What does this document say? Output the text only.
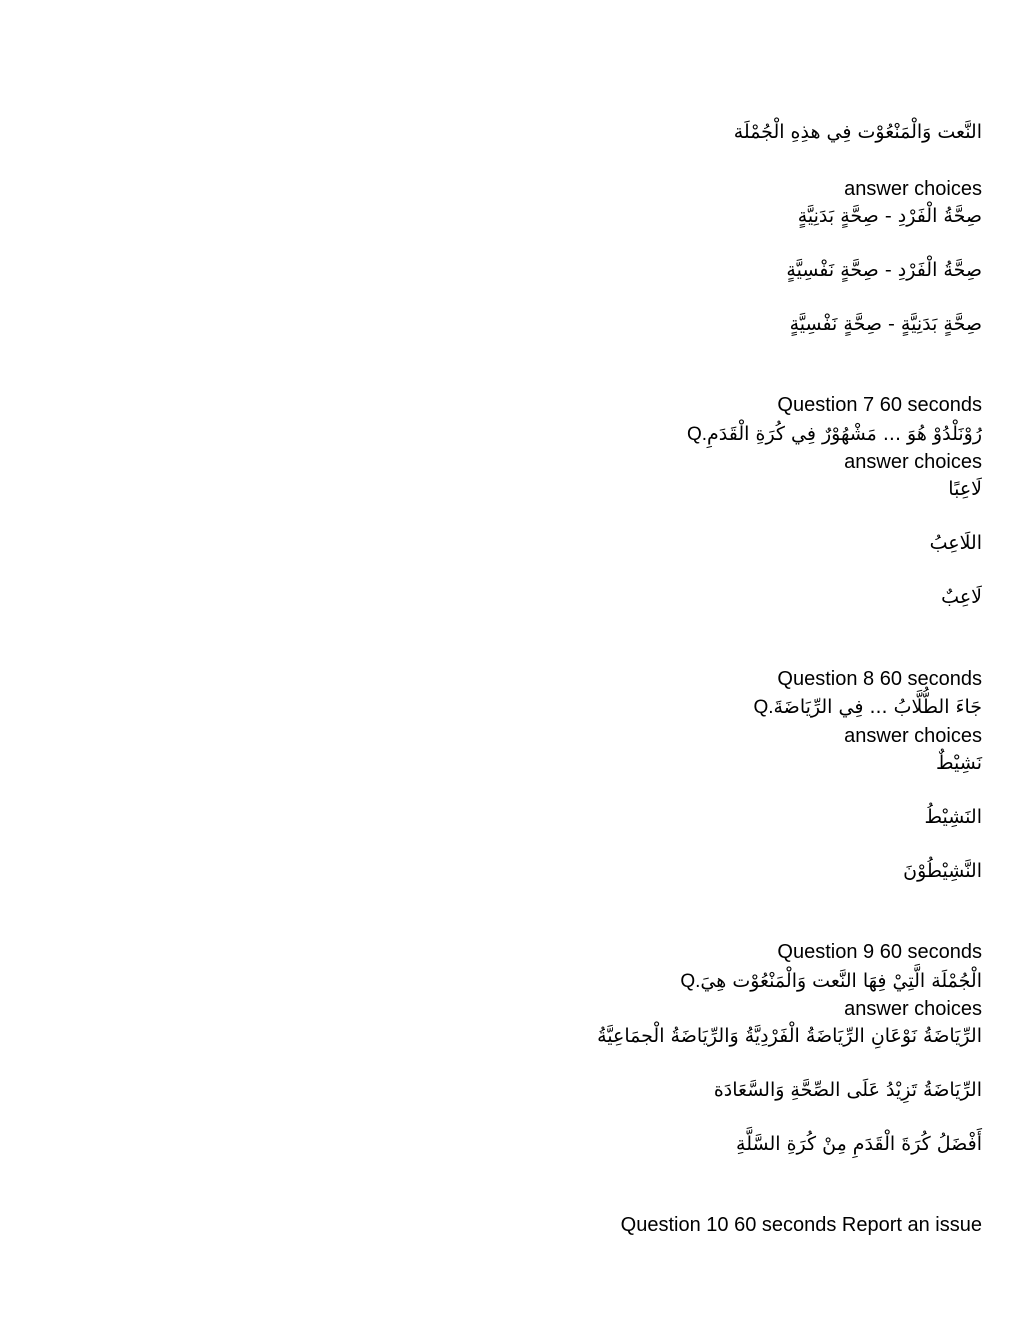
النَّعت وَالْمَنْعُوْت فِي هذِهِ الْجُمْلَة
answer choices
صِحَّةُ الْفَرْدِ - صِحَّةٍ بَدَنِيَّةٍ
صِحَّةُ الْفَرْدِ - صِحَّةٍ نَفْسِيَّةٍ
صِحَّةٍ بَدَنِيَّةٍ - صِحَّةٍ نَفْسِيَّةٍ
Question 7 60 seconds
Q.رُوْنَلْدُوْ هُوَ ... مَشْهُوْرٌ فِي كُرَةِ الْقَدَمِ
answer choices
لَاعِبًا
اللَاعِبُ
لَاعِبٌ
Question 8 60 seconds
Q.جَاءَ الطُّلَّابُ ... فِي الرِّيَاضَةَ
answer choices
نَشِيْطٌ
النَشِيْطُ
النَّشِيْطُوْنَ
Question 9 60 seconds
Q.الْجُمْلَة الَّتِيْ فِهَا النَّعت وَالْمَنْعُوْت هِيَ
answer choices
الرِّيَاضَةُ نَوْعَانِ الرِّيَاضَةُ الْفَرْدِيَّةُ وَالرِّيَاضَةُ الْجمَاعِيَّةُ
الرِّيَاضَةُ تَزِيْدُ عَلَى الصِّحَّةِ وَالسَّعَادَة
أَفْضَلُ كُرَةَ الْقَدَمِ مِنْ كُرَةِ السَّلَّةِ
Question 10 60 seconds Report an issue
